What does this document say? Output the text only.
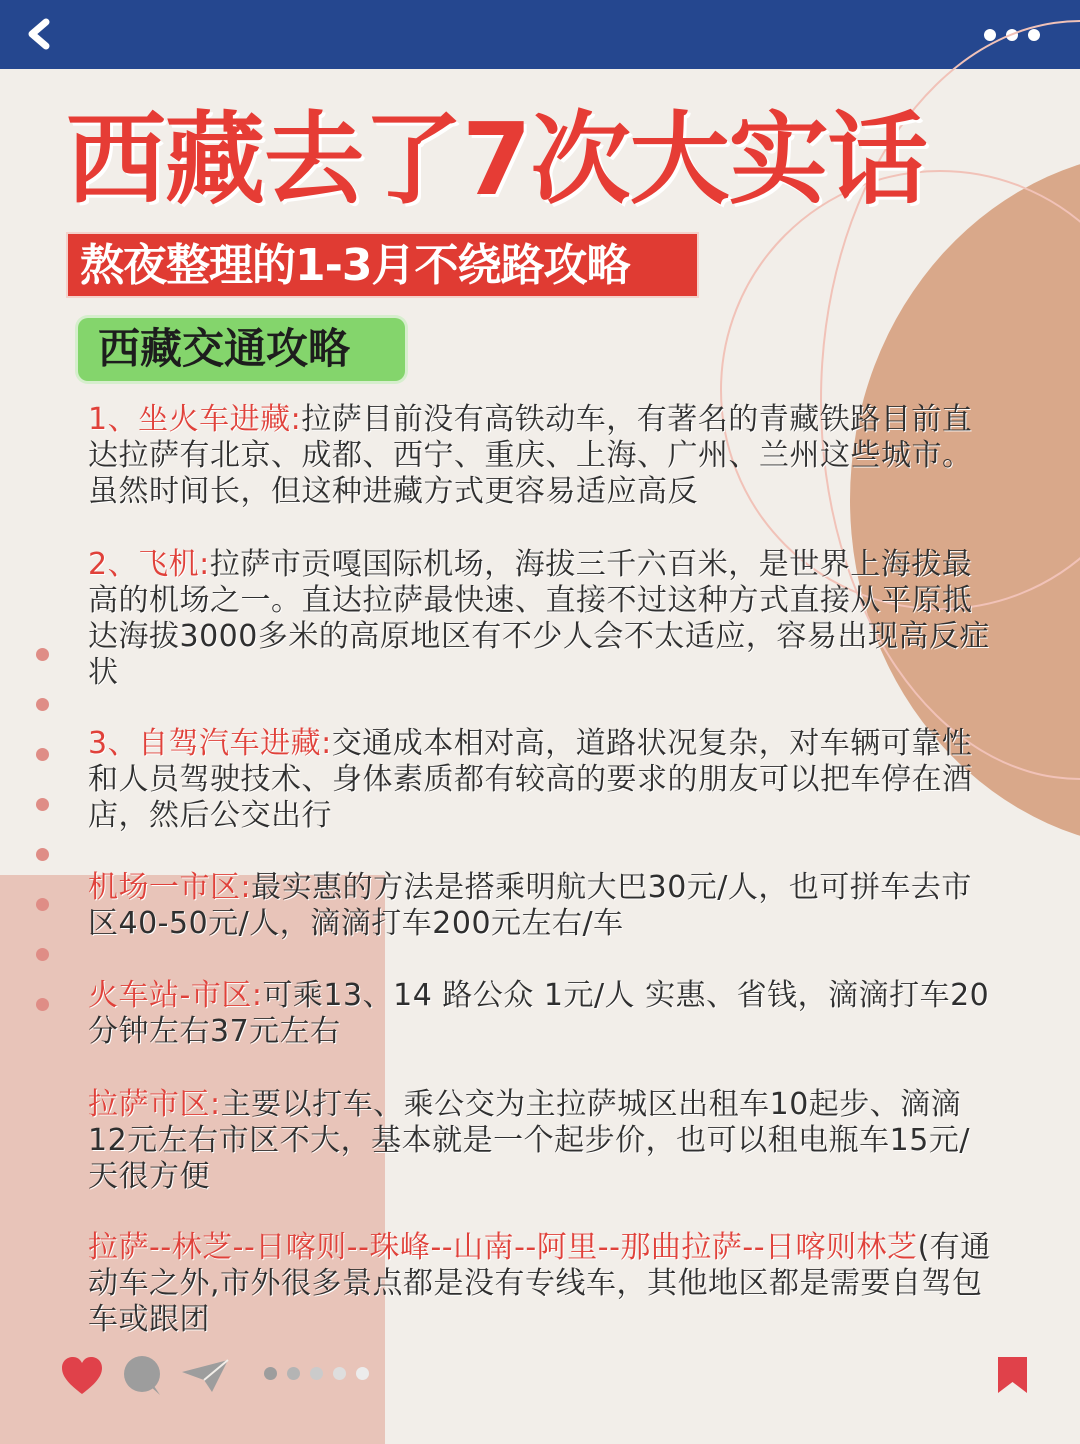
西藏去了7次大实话
熬夜整理的1-3月不绕路攻略
西藏交通攻略
1、坐火车进藏:拉萨目前没有高铁动车，有著名的青藏铁路目前直达拉萨有北京、成都、西宁、重庆、上海、广州、兰州这些城市。虽然时间长，但这种进藏方式更容易适应高反
2、飞机:拉萨市贡嘎国际机场，海拔三千六百米，是世界上海拔最高的机场之一。直达拉萨最快速、直接不过这种方式直接从平原抵达海拔3000多米的高原地区有不少人会不太适应，容易出现高反症状
3、自驾汽车进藏:交通成本相对高，道路状况复杂，对车辆可靠性和人员驾驶技术、身体素质都有较高的要求的朋友可以把车停在酒店，然后公交出行
机场一市区:最实惠的方法是搭乘明航大巴30元/人，也可拼车去市区40-50元/人，滴滴打车200元左右/车
火车站-市区:可乘13、14 路公众 1元/人 实惠、省钱，滴滴打车20分钟左右37元左右
拉萨市区:主要以打车、乘公交为主拉萨城区出租车10起步、滴滴12元左右市区不大，基本就是一个起步价，也可以租电瓶车15元/天很方便
拉萨--林芝--日喀则--珠峰--山南--阿里--那曲拉萨--日喀则林芝(有通动车之外,市外很多景点都是没有专线车，其他地区都是需要自驾包车或跟团
